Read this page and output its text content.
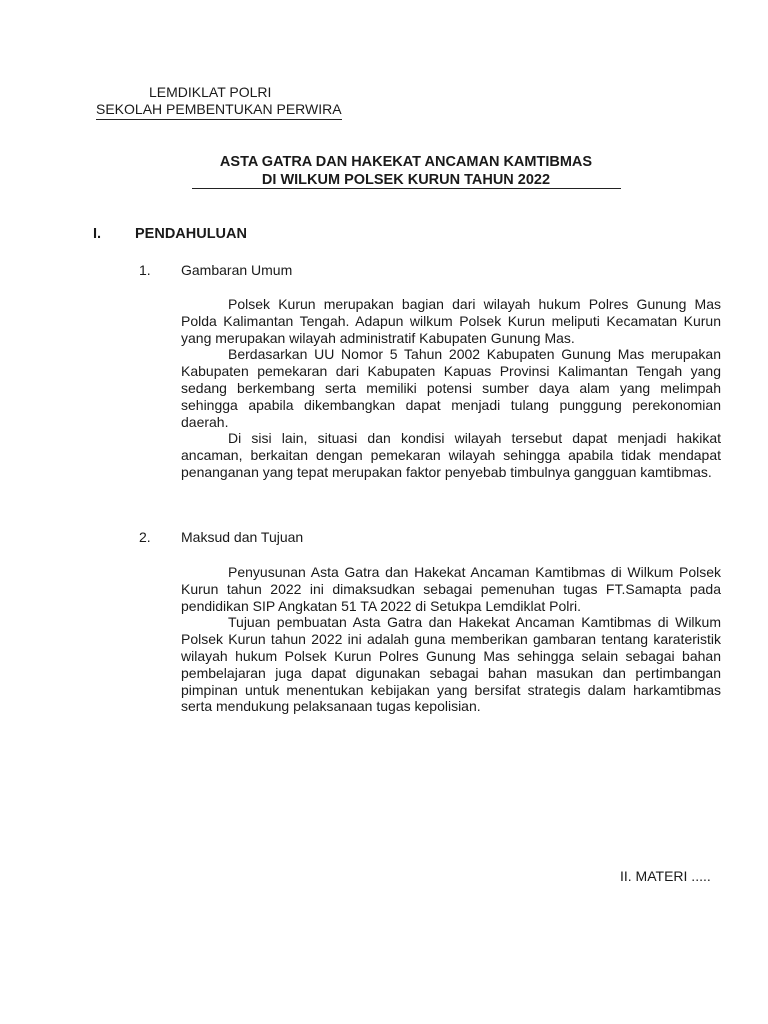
LEMDIKLAT POLRI
SEKOLAH PEMBENTUKAN PERWIRA
ASTA GATRA DAN HAKEKAT ANCAMAN KAMTIBMAS
DI WILKUM POLSEK KURUN TAHUN 2022
I. PENDAHULUAN
1. Gambaran Umum

Polsek Kurun merupakan bagian dari wilayah hukum Polres Gunung Mas Polda Kalimantan Tengah. Adapun wilkum Polsek Kurun meliputi Kecamatan Kurun yang merupakan wilayah administratif Kabupaten Gunung Mas.

Berdasarkan UU Nomor 5 Tahun 2002 Kabupaten Gunung Mas merupakan Kabupaten pemekaran dari Kabupaten Kapuas Provinsi Kalimantan Tengah yang sedang berkembang serta memiliki potensi sumber daya alam yang melimpah sehingga apabila dikembangkan dapat menjadi tulang punggung perekonomian daerah.

Di sisi lain, situasi dan kondisi wilayah tersebut dapat menjadi hakikat ancaman, berkaitan dengan pemekaran wilayah sehingga apabila tidak mendapat penanganan yang tepat merupakan faktor penyebab timbulnya gangguan kamtibmas.

2. Maksud dan Tujuan

Penyusunan Asta Gatra dan Hakekat Ancaman Kamtibmas di Wilkum Polsek Kurun tahun 2022 ini dimaksudkan sebagai pemenuhan tugas FT.Samapta pada pendidikan SIP Angkatan 51 TA 2022 di Setukpa Lemdiklat Polri.

Tujuan pembuatan Asta Gatra dan Hakekat Ancaman Kamtibmas di Wilkum Polsek Kurun tahun 2022 ini adalah guna memberikan gambaran tentang karateristik wilayah hukum Polsek Kurun Polres Gunung Mas sehingga selain sebagai bahan pembelajaran juga dapat digunakan sebagai bahan masukan dan pertimbangan pimpinan untuk menentukan kebijakan yang bersifat strategis dalam harkamtibmas serta mendukung pelaksanaan tugas kepolisian.

II. MATERI .....
